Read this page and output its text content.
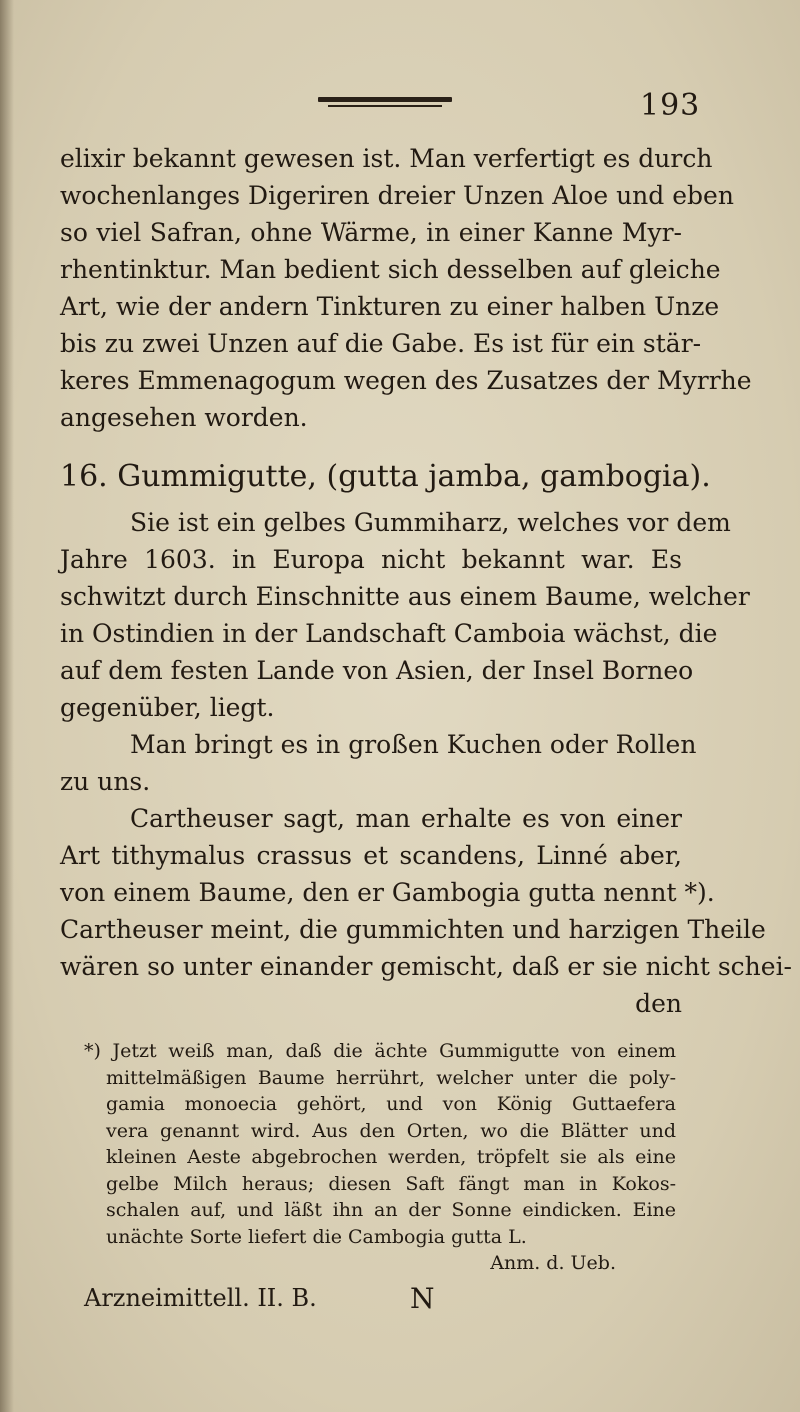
193
elixir bekannt gewesen ist. Man verfertigt es durch
wochenlanges Digeriren dreier Unzen Aloe und eben
so viel Safran, ohne Wärme, in einer Kanne Myr-
rhentinktur. Man bedient sich desselben auf gleiche
Art, wie der andern Tinkturen zu einer halben Unze
bis zu zwei Unzen auf die Gabe. Es ist für ein stär-
keres Emmenagogum wegen des Zusatzes der Myrrhe
angesehen worden.
16. Gummigutte, (gutta jamba, gambogia).
Sie ist ein gelbes Gummiharz, welches vor dem
Jahre 1603. in Europa nicht bekannt war. Es
schwitzt durch Einschnitte aus einem Baume, welcher
in Ostindien in der Landschaft Camboia wächst, die
auf dem festen Lande von Asien, der Insel Borneo
gegenüber, liegt.
Man bringt es in großen Kuchen oder Rollen
zu uns.
Cartheuser sagt, man erhalte es von einer
Art tithymalus crassus et scandens, Linné aber,
von einem Baume, den er Gambogia gutta nennt *).
Cartheuser meint, die gummichten und harzigen Theile
wären so unter einander gemischt, daß er sie nicht schei-
den
*) Jetzt weiß man, daß die ächte Gummigutte von einem
mittelmäßigen Baume herrührt, welcher unter die poly-
gamia monoecia gehört, und von König Guttaefera
vera genannt wird. Aus den Orten, wo die Blätter und
kleinen Aeste abgebrochen werden, tröpfelt sie als eine
gelbe Milch heraus; diesen Saft fängt man in Kokos-
schalen auf, und läßt ihn an der Sonne eindicken. Eine
unächte Sorte liefert die Cambogia gutta L.
Anm. d. Ueb.
Arzneimittell. II. B.	N
